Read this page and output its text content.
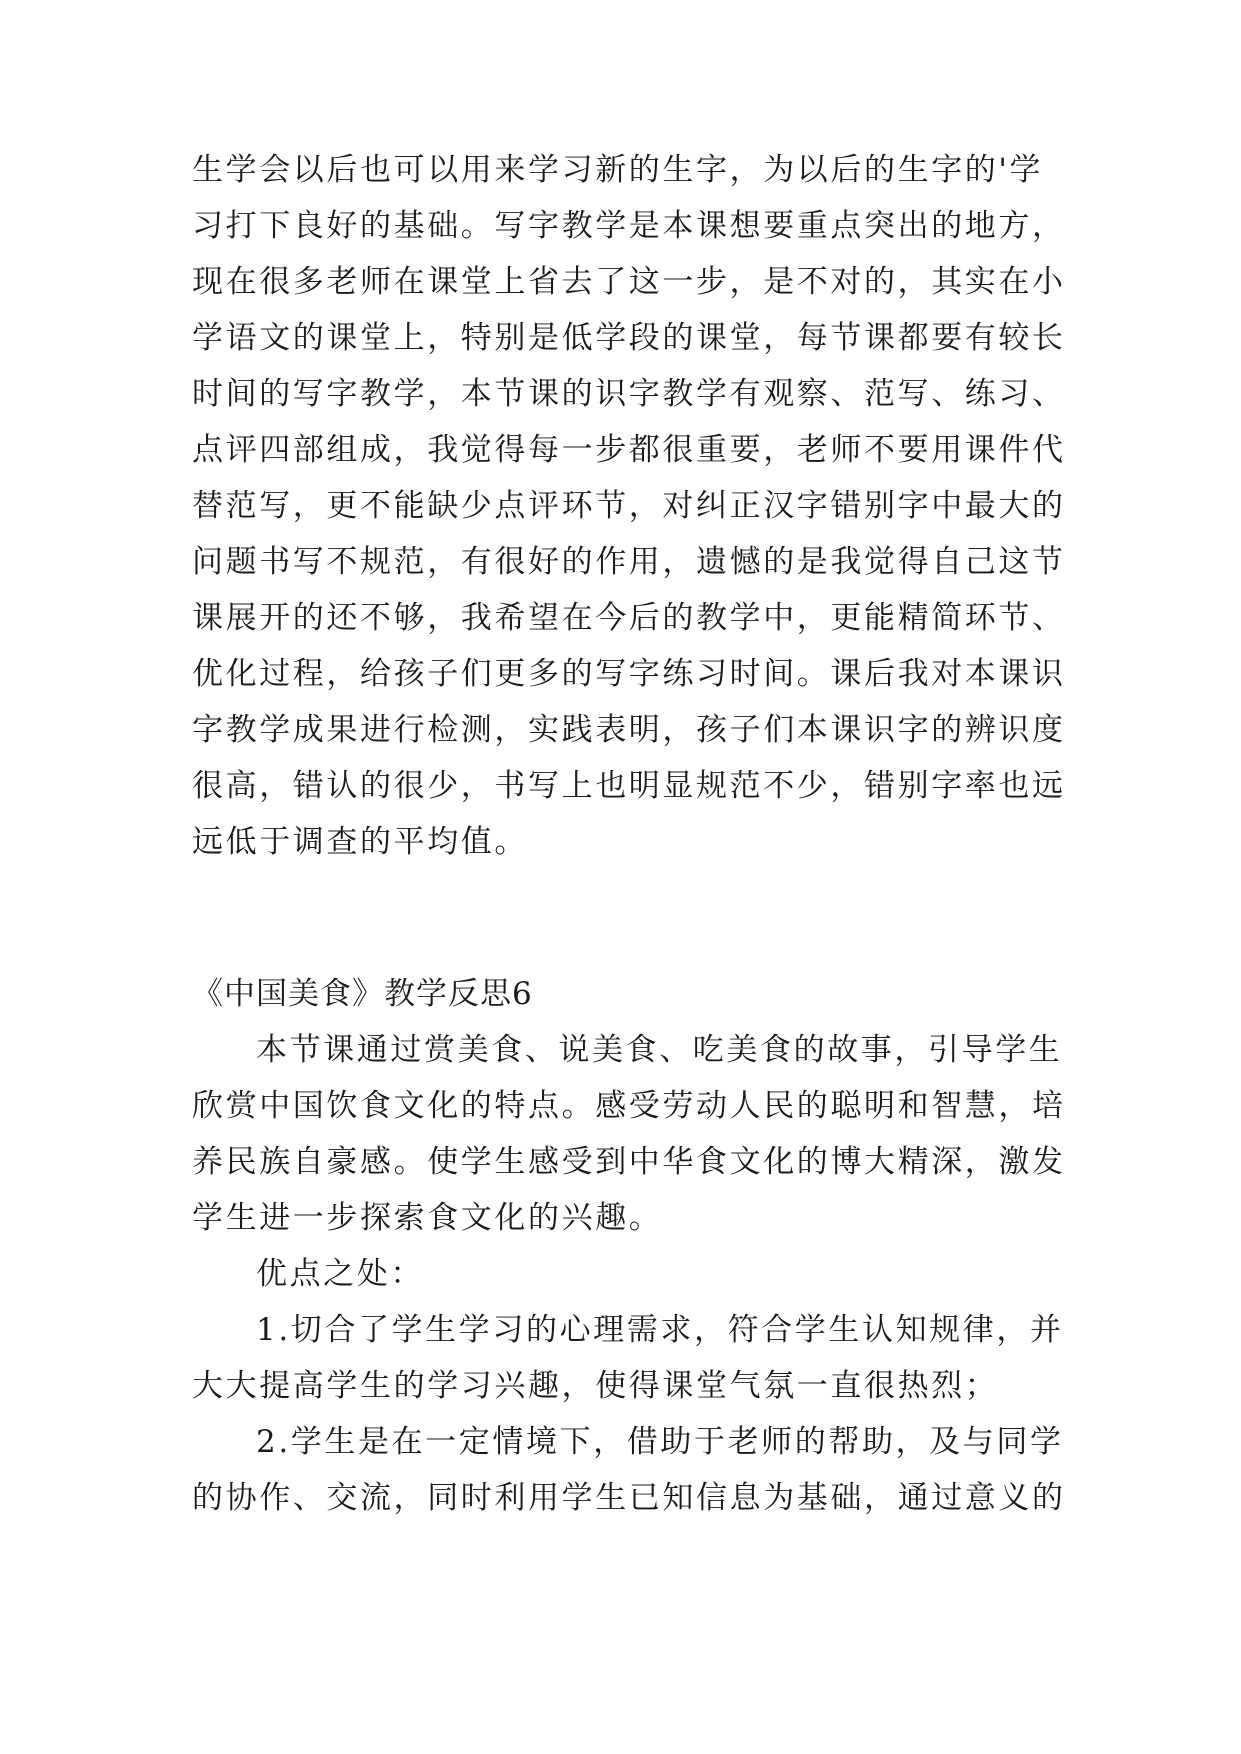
生学会以后也可以用来学习新的生字，为以后的生字的'学
习打下良好的基础。写字教学是本课想要重点突出的地方，
现在很多老师在课堂上省去了这一步，是不对的，其实在小
学语文的课堂上，特别是低学段的课堂，每节课都要有较长
时间的写字教学，本节课的识字教学有观察、范写、练习、
点评四部组成，我觉得每一步都很重要，老师不要用课件代
替范写，更不能缺少点评环节，对纠正汉字错别字中最大的
问题书写不规范，有很好的作用，遗憾的是我觉得自己这节
课展开的还不够，我希望在今后的教学中，更能精简环节、
优化过程，给孩子们更多的写字练习时间。课后我对本课识
字教学成果进行检测，实践表明，孩子们本课识字的辨识度
很高，错认的很少，书写上也明显规范不少，错别字率也远
远低于调查的平均值。
《中国美食》教学反思6
本节课通过赏美食、说美食、吃美食的故事，引导学生
欣赏中国饮食文化的特点。感受劳动人民的聪明和智慧，培
养民族自豪感。使学生感受到中华食文化的博大精深，激发
学生进一步探索食文化的兴趣。
优点之处：
1.切合了学生学习的心理需求，符合学生认知规律，并
大大提高学生的学习兴趣，使得课堂气氛一直很热烈；
2.学生是在一定情境下，借助于老师的帮助，及与同学
的协作、交流，同时利用学生已知信息为基础，通过意义的
